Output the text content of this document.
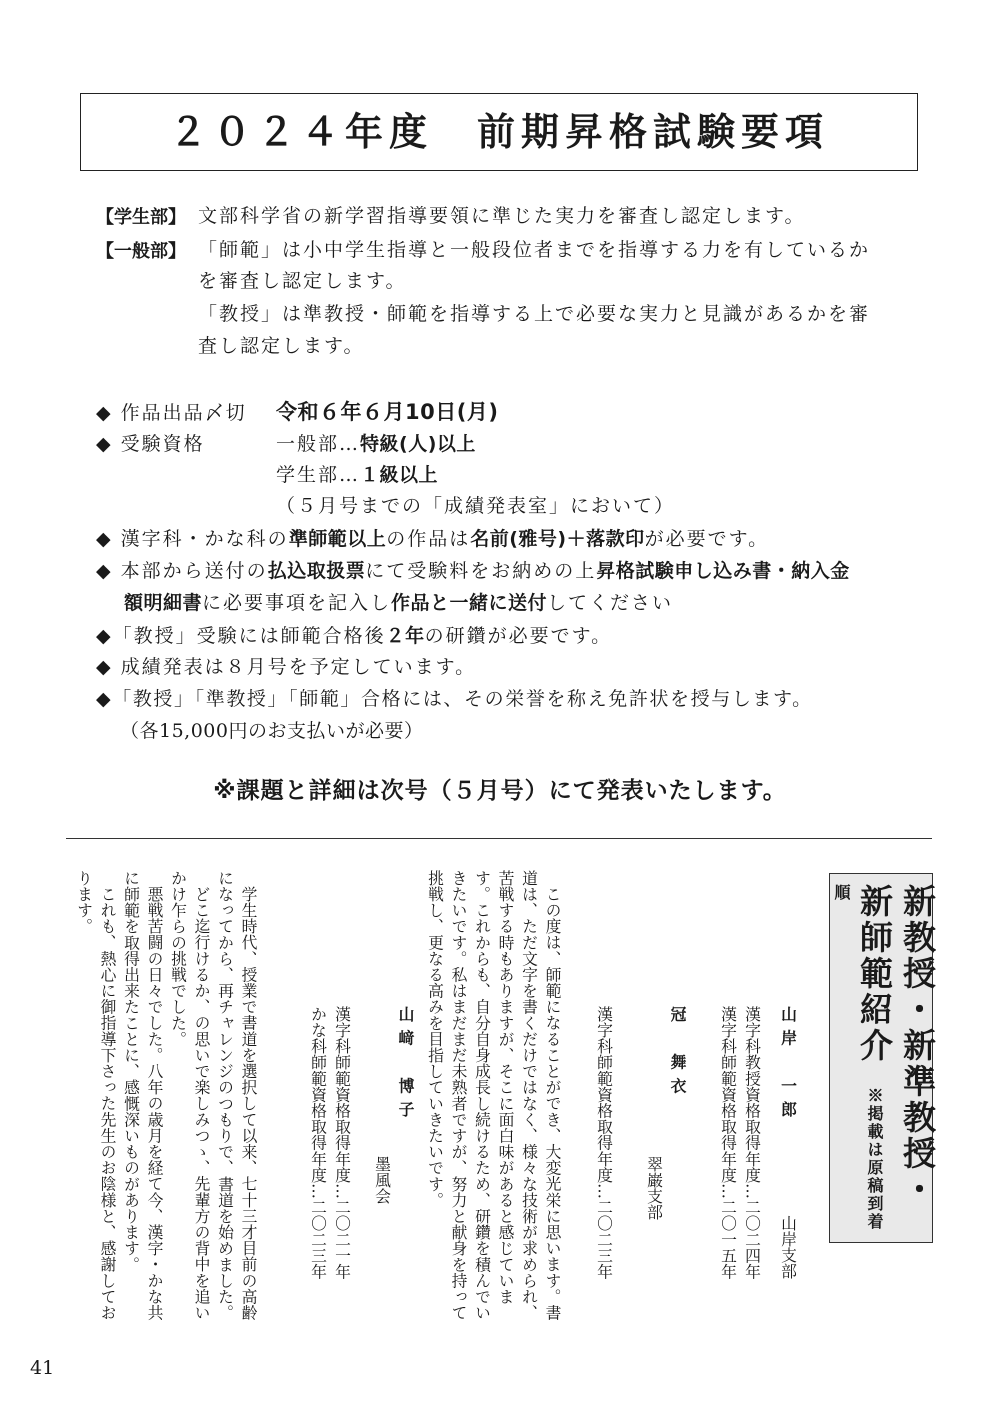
２０２４年度　前期昇格試験要項
【学生部】 文部科学省の新学習指導要領に準じた実力を審査し認定します。
【一般部】 「師範」は小中学生指導と一般段位者までを指導する力を有しているか
を審査し認定します。
「教授」は準教授・師範を指導する上で必要な実力と見識があるかを審
査し認定します。
◆ 作品出品〆切 令和６年６月10日(月)
◆ 受験資格	一般部…特級(人)以上
学生部…１級以上
（５月号までの「成績発表室」において）
◆ 漢字科・かな科の準師範以上の作品は名前(雅号)＋落款印が必要です。
◆ 本部から送付の払込取扱票にて受験料をお納めの上昇格試験申し込み書・納入金
額明細書に必要事項を記入し作品と一緒に送付してください
◆「教授」受験には師範合格後２年の研鑽が必要です。
◆ 成績発表は８月号を予定しています。
◆「教授」「準教授」「師範」合格には、その栄誉を称え免許状を授与します。
（各15,000円のお支払いが必要）
※課題と詳細は次号（５月号）にて発表いたします。
新教授・新準教授・ 新師範紹介 ※掲載は原稿到着順
山岸　一郎 山岸支部
漢字科教授資格取得年度…二〇二四年
漢字科師範資格取得年度…二〇一五年
冠　舞衣 翠巌支部
漢字科師範資格取得年度…二〇二三年

この度は、師範になることができ、大変光栄に思います。書道は、ただ文字を書くだけではなく、様々な技術が求められ、苦戦する時もありますが、そこに面白味があると感じています。これからも、自分自身成長し続けるため、研鑽を積んでいきたいです。私はまだまだ未熟者ですが、努力と献身を持って挑戦し、更なる高みを目指していきたいです。

山﨑　博子 墨風会
漢字科師範資格取得年度…二〇二一年
かな科師範資格取得年度…二〇二三年

学生時代、授業で書道を選択して以来、七十三才目前の高齢になってから、再チャレンジのつもりで、書道を始めました。

どこ迄行けるか、の思いで楽しみつゝ、先輩方の背中を追いかけ乍らの挑戦でした。

悪戦苦闘の日々でした。八年の歳月を経て今、漢字・かな共に師範を取得出来たことに、感慨深いものがあります。

これも、熱心に御指導下さった先生のお陰様と、感謝しております。

41
